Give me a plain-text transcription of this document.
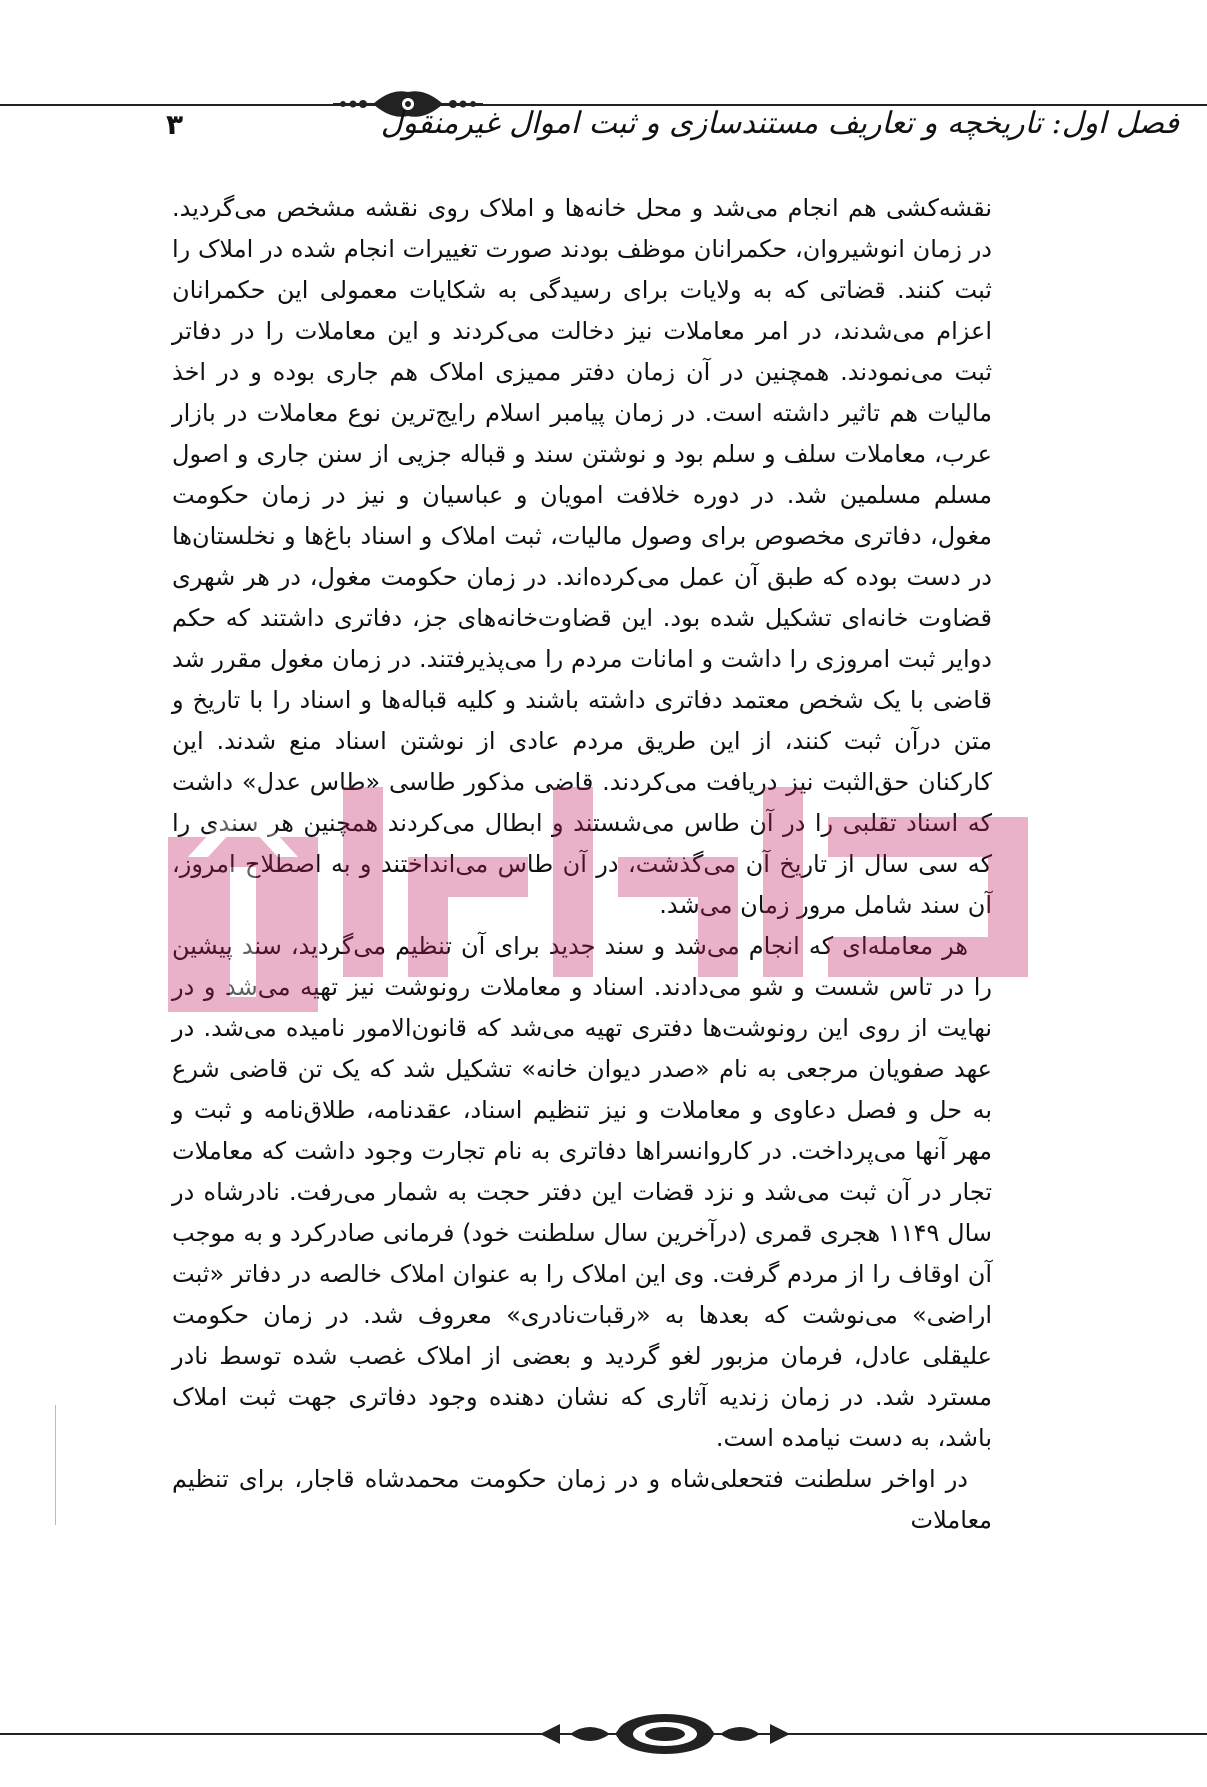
فصل اول: تاریخچه و تعاریف مستندسازی و ثبت اموال غیرمنقول
۳

نقشه‌کشی هم انجام می‌شد و محل خانه‌ها و املاک روی نقشه مشخص می‌گردید. در زمان انوشیروان، حکمرانان موظف بودند صورت تغییرات انجام شده در املاک را ثبت کنند. قضاتی که به ولایات برای رسیدگی به شکایات معمولی این حکمرانان اعزام می‌شدند، در امر معاملات نیز دخالت می‌کردند و این معاملات را در دفاتر ثبت می‌نمودند. همچنین در آن زمان دفتر ممیزی املاک هم جاری بوده و در اخذ مالیات هم تاثیر داشته است. در زمان پیامبر اسلام رایج‌ترین نوع معاملات در بازار عرب، معاملات سلف و سلم بود و نوشتن سند و قباله جزیی از سنن جاری و اصول مسلم مسلمین شد. در دوره خلافت امویان و عباسیان و نیز در زمان حکومت مغول، دفاتری مخصوص برای وصول مالیات، ثبت املاک و اسناد باغ‌ها و نخلستان‌ها در دست بوده که طبق آن عمل می‌کرده‌اند. در زمان حکومت مغول، در هر شهری قضاوت خانه‌ای تشکیل شده بود. این قضاوت‌خانه‌های جز، دفاتری داشتند که حکم دوایر ثبت امروزی را داشت و امانات مردم را می‌پذیرفتند. در زمان مغول مقرر شد قاضی با یک شخص معتمد دفاتری داشته باشند و کلیه قباله‌ها و اسناد را با تاریخ و متن درآن ثبت کنند، از این طریق مردم عادی از نوشتن اسناد منع شدند. این کارکنان حق‌الثبت نیز دریافت می‌کردند. قاضی مذکور طاسی «طاس عدل» داشت که اسناد تقلبی را در آن طاس می‌شستند و ابطال می‌کردند همچنین هر سندی را که سی سال از تاریخ آن می‌گذشت، در آن طاس می‌انداختند و به اصطلاح امروز، آن سند شامل مرور زمان می‌شد.

هر معامله‌ای که انجام می‌شد و سند جدید برای آن تنظیم می‌گردید، سند پیشین را در تاس شست و شو می‌دادند. اسناد و معاملات رونوشت نیز تهیه می‌شد و در نهایت از روی این رونوشت‌ها دفتری تهیه می‌شد که قانون‌الامور نامیده می‌شد. در عهد صفویان مرجعی به نام «صدر دیوان خانه» تشکیل شد که یک تن قاضی شرع به حل و فصل دعاوی و معاملات و نیز تنظیم اسناد، عقدنامه، طلاق‌نامه و ثبت و مهر آنها می‌پرداخت. در کاروانسراها دفاتری به نام تجارت وجود داشت که معاملات تجار در آن ثبت می‌شد و نزد قضات این دفتر حجت به شمار می‌رفت. نادرشاه در سال ۱۱۴۹ هجری قمری (درآخرین سال سلطنت خود) فرمانی صادرکرد و به موجب آن اوقاف را از مردم گرفت. وی این املاک را به عنوان املاک خالصه در دفاتر «ثبت اراضی» می‌نوشت که بعدها به «رقبات‌نادری» معروف شد. در زمان حکومت علیقلی عادل، فرمان مزبور لغو گردید و بعضی از املاک غصب شده توسط نادر مسترد شد. در زمان زندیه آثاری که نشان دهنده وجود دفاتری جهت ثبت املاک باشد، به دست نیامده است.

در اواخر سلطنت فتحعلی‌شاه و در زمان حکومت محمدشاه قاجار، برای تنظیم معاملات
